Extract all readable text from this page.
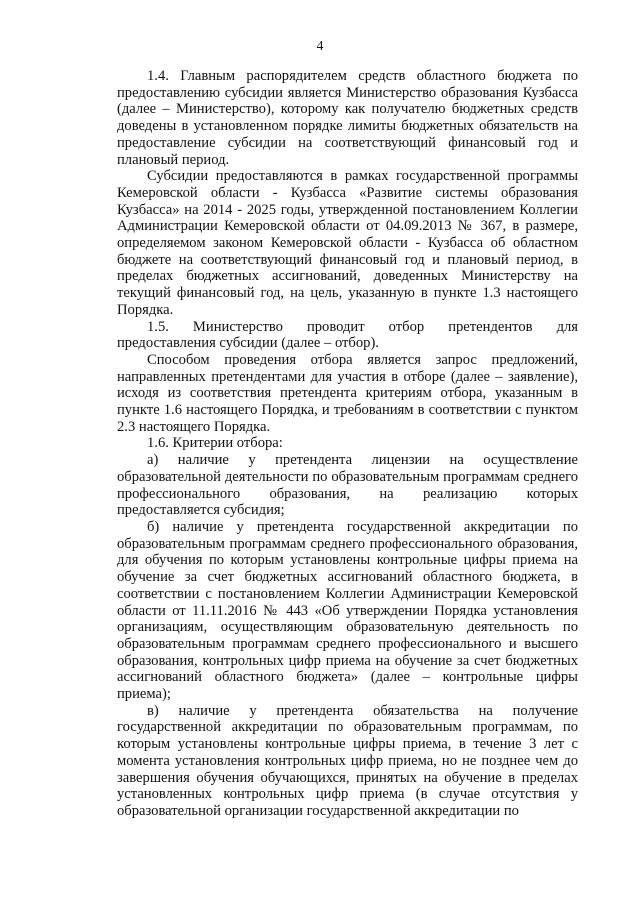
4

1.4. Главным распорядителем средств областного бюджета по предоставлению субсидии является Министерство образования Кузбасса (далее – Министерство), которому как получателю бюджетных средств доведены в установленном порядке лимиты бюджетных обязательств на предоставление субсидии на соответствующий финансовый год и плановый период.

Субсидии предоставляются в рамках государственной программы Кемеровской области - Кузбасса «Развитие системы образования Кузбасса» на 2014 - 2025 годы, утвержденной постановлением Коллегии Администрации Кемеровской области от 04.09.2013 № 367, в размере, определяемом законом Кемеровской области - Кузбасса об областном бюджете на соответствующий финансовый год и плановый период, в пределах бюджетных ассигнований, доведенных Министерству на текущий финансовый год, на цель, указанную в пункте 1.3 настоящего Порядка.

1.5. Министерство проводит отбор претендентов для предоставления субсидии (далее – отбор).

Способом проведения отбора является запрос предложений, направленных претендентами для участия в отборе (далее – заявление), исходя из соответствия претендента критериям отбора, указанным в пункте 1.6 настоящего Порядка, и требованиям в соответствии с пунктом 2.3 настоящего Порядка.

1.6. Критерии отбора:

а) наличие у претендента лицензии на осуществление образовательной деятельности по образовательным программам среднего профессионального образования, на реализацию которых предоставляется субсидия;

б) наличие у претендента государственной аккредитации по образовательным программам среднего профессионального образования, для обучения по которым установлены контрольные цифры приема на обучение за счет бюджетных ассигнований областного бюджета, в соответствии с постановлением Коллегии Администрации Кемеровской области от 11.11.2016 № 443 «Об утверждении Порядка установления организациям, осуществляющим образовательную деятельность по образовательным программам среднего профессионального и высшего образования, контрольных цифр приема на обучение за счет бюджетных ассигнований областного бюджета» (далее – контрольные цифры приема);

в) наличие у претендента обязательства на получение государственной аккредитации по образовательным программам, по которым установлены контрольные цифры приема, в течение 3 лет с момента установления контрольных цифр приема, но не позднее чем до завершения обучения обучающихся, принятых на обучение в пределах установленных контрольных цифр приема (в случае отсутствия у образовательной организации государственной аккредитации по
